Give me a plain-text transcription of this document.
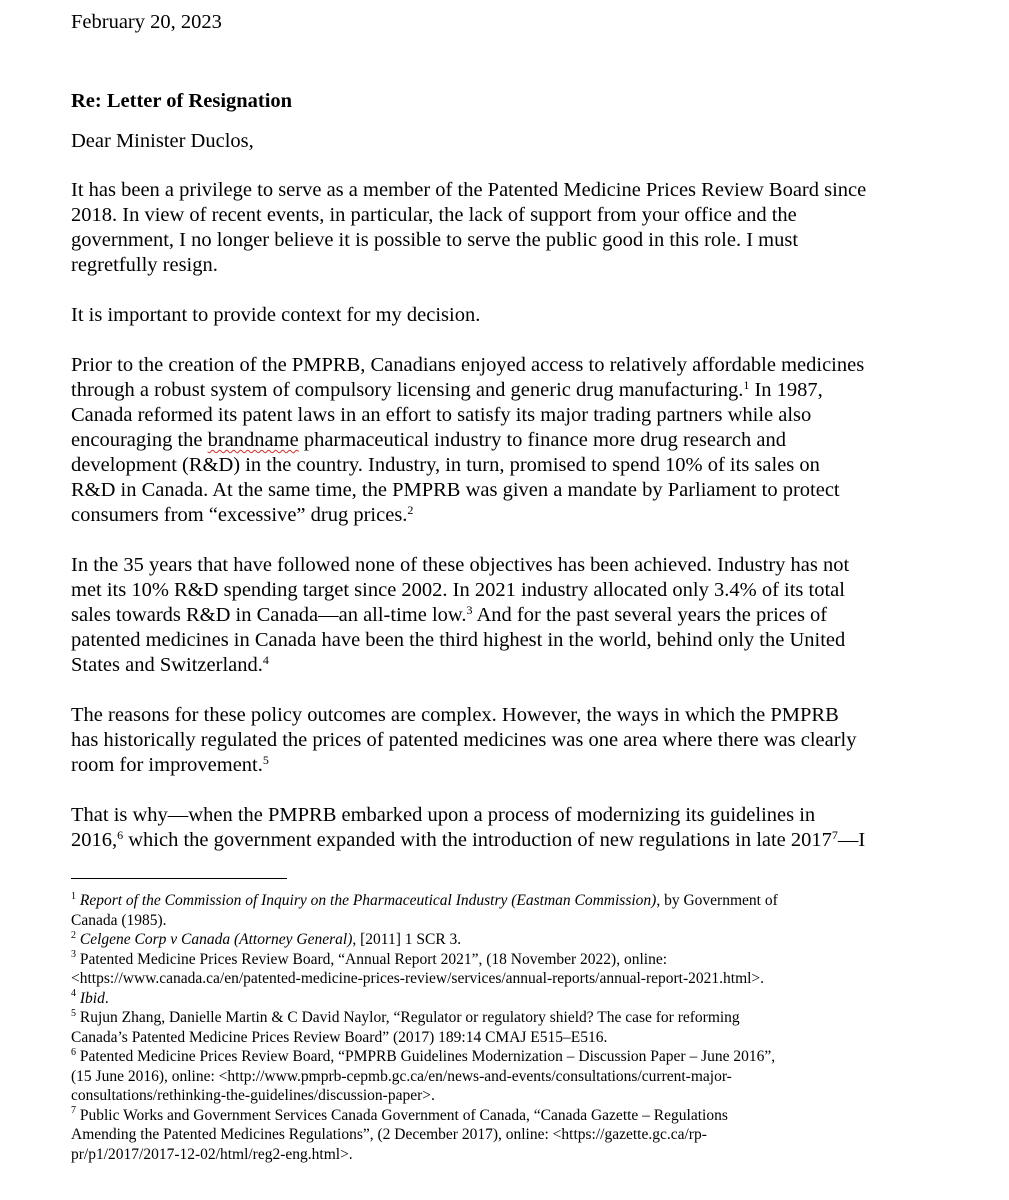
February 20, 2023

Re: Letter of Resignation

Dear Minister Duclos,

It has been a privilege to serve as a member of the Patented Medicine Prices Review Board since
2018. In view of recent events, in particular, the lack of support from your office and the
government, I no longer believe it is possible to serve the public good in this role. I must
regretfully resign.

It is important to provide context for my decision.

Prior to the creation of the PMPRB, Canadians enjoyed access to relatively affordable medicines
through a robust system of compulsory licensing and generic drug manufacturing.$^1$ In 1987,
Canada reformed its patent laws in an effort to satisfy its major trading partners while also
encouraging the brandname pharmaceutical industry to finance more drug research and
development (R&D) in the country. Industry, in turn, promised to spend 10% of its sales on
R&D in Canada. At the same time, the PMPRB was given a mandate by Parliament to protect
consumers from “excessive” drug prices.$^2$

In the 35 years that have followed none of these objectives has been achieved. Industry has not
met its 10% R&D spending target since 2002. In 2021 industry allocated only 3.4% of its total
sales towards R&D in Canada—an all-time low.$^3$ And for the past several years the prices of
patented medicines in Canada have been the third highest in the world, behind only the United
States and Switzerland.$^4$

The reasons for these policy outcomes are complex. However, the ways in which the PMPRB
has historically regulated the prices of patented medicines was one area where there was clearly
room for improvement.$^5$

That is why—when the PMPRB embarked upon a process of modernizing its guidelines in
2016,$^6$ which the government expanded with the introduction of new regulations in late 2017$^7$—I

$^1$ Report of the Commission of Inquiry on the Pharmaceutical Industry (Eastman Commission), by Government of
Canada (1985).

$^2$ Celgene Corp v Canada (Attorney General), [2011] 1 SCR 3.

$^3$ Patented Medicine Prices Review Board, “Annual Report 2021”, (18 November 2022), online:
<https://www.canada.ca/en/patented-medicine-prices-review/services/annual-reports/annual-report-2021.html>.

$^4$ Ibid.

$^5$ Rujun Zhang, Danielle Martin & C David Naylor, “Regulator or regulatory shield? The case for reforming
Canada’s Patented Medicine Prices Review Board” (2017) 189:14 CMAJ E515–E516.

$^6$ Patented Medicine Prices Review Board, “PMPRB Guidelines Modernization – Discussion Paper – June 2016”,
(15 June 2016), online: <http://www.pmprb-cepmb.gc.ca/en/news-and-events/consultations/current-major-
consultations/rethinking-the-guidelines/discussion-paper>.

$^7$ Public Works and Government Services Canada Government of Canada, “Canada Gazette – Regulations
Amending the Patented Medicines Regulations”, (2 December 2017), online: <https://gazette.gc.ca/rp-
pr/p1/2017/2017-12-02/html/reg2-eng.html>.
